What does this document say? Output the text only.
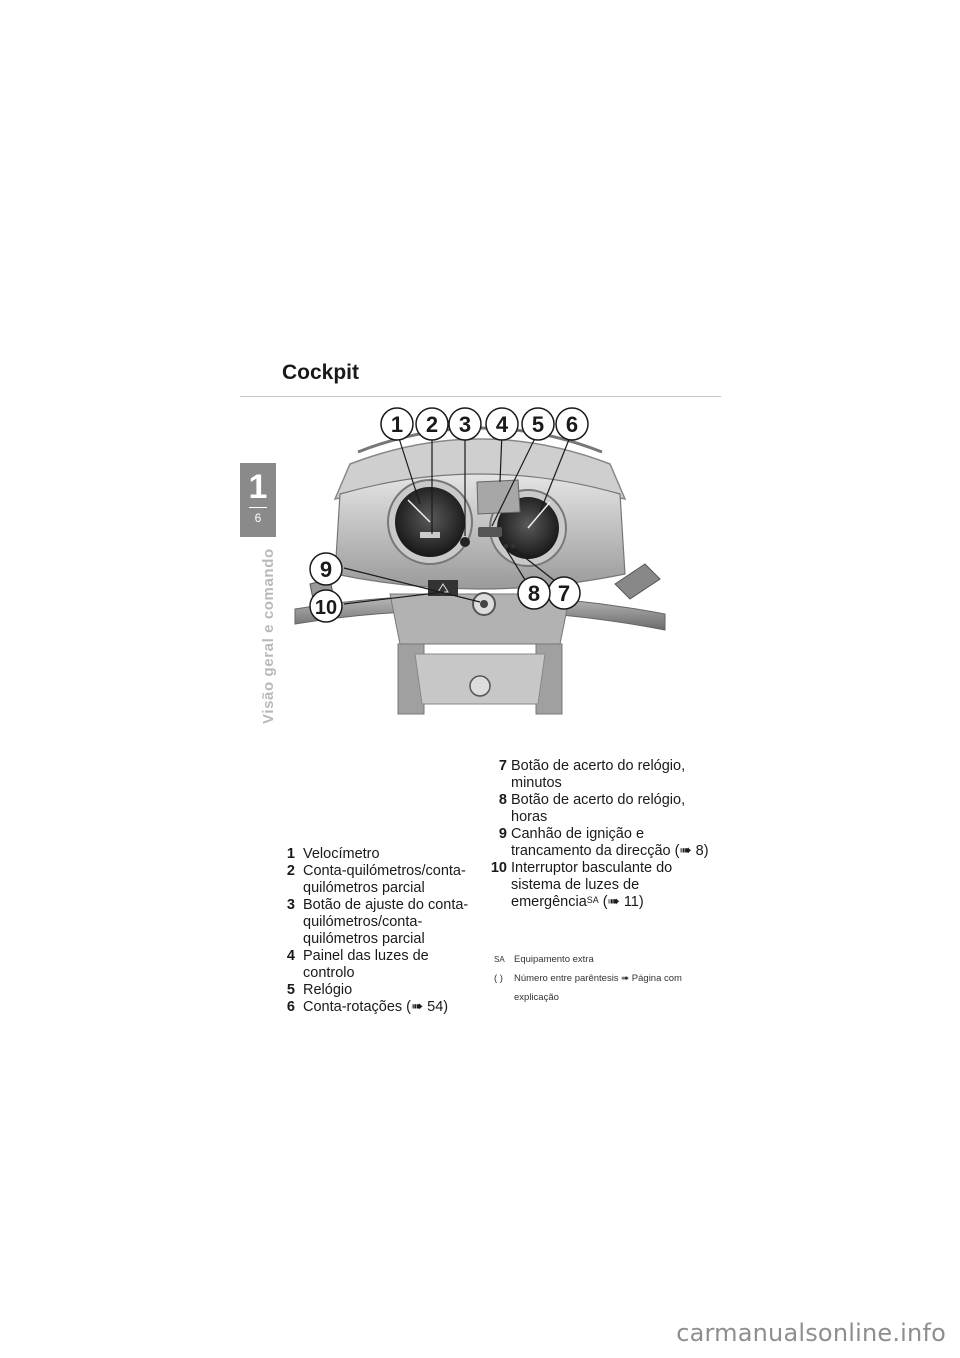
1
6
Visão geral e comando
Cockpit
1 2 3 4 5 6
7
8
9
10
1 Velocímetro
2 Conta-quilómetros/conta-quilómetros parcial
3 Botão de ajuste do conta-quilómetros/conta-quilómetros parcial
4 Painel das luzes de controlo
5 Relógio
6 Conta-rotações (➠ 54)
7 Botão de acerto do relógio, minutos
8 Botão de acerto do relógio, horas
9 Canhão de ignição e trancamento da direcção (➠ 8)
10 Interruptor basculante do sistema de luzes de emergência$^{SA}$ (➠ 11)
SA Equipamento extra
( ) Número entre parêntesis ➠ Página com explicação
carmanualsonline.info
